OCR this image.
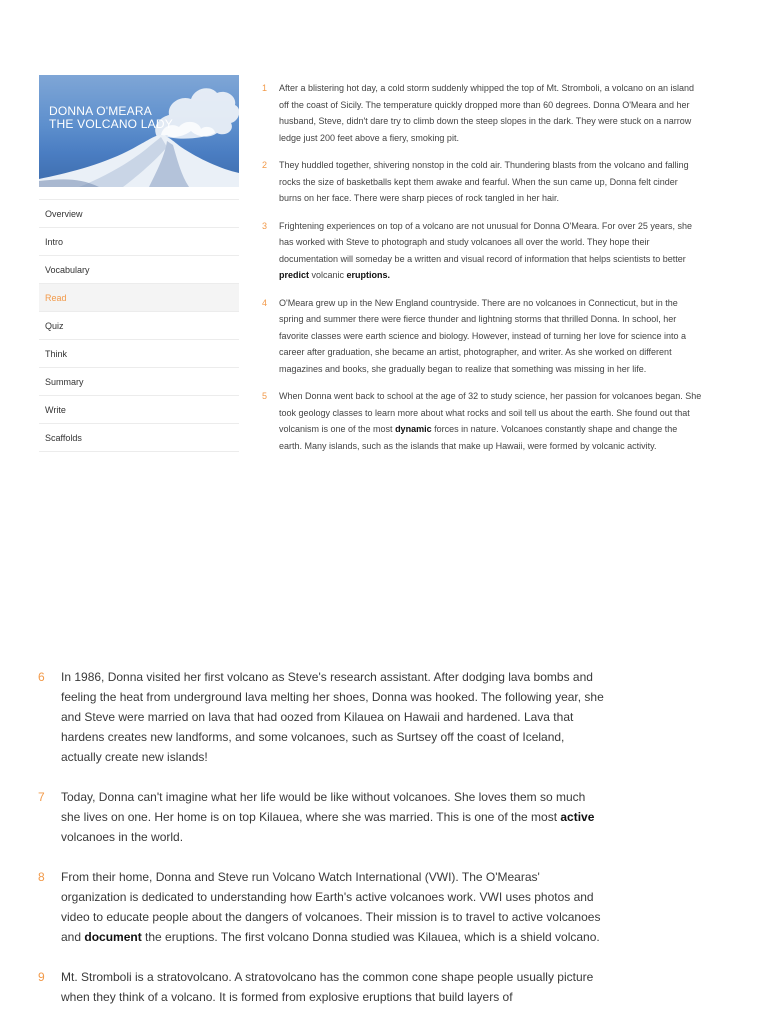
DONNA O'MEARA
THE VOLCANO LADY
Overview
Intro
Vocabulary
Read
Quiz
Think
Summary
Write
Scaffolds
1	After a blistering hot day, a cold storm suddenly whipped the top of Mt. Stromboli, a volcano on an island off the coast of Sicily. The temperature quickly dropped more than 60 degrees. Donna O'Meara and her husband, Steve, didn't dare try to climb down the steep slopes in the dark. They were stuck on a narrow ledge just 200 feet above a fiery, smoking pit.
2	They huddled together, shivering nonstop in the cold air. Thundering blasts from the volcano and falling rocks the size of basketballs kept them awake and fearful. When the sun came up, Donna felt cinder burns on her face. There were sharp pieces of rock tangled in her hair.
3	Frightening experiences on top of a volcano are not unusual for Donna O'Meara. For over 25 years, she has worked with Steve to photograph and study volcanoes all over the world. They hope their documentation will someday be a written and visual record of information that helps scientists to better predict volcanic eruptions.
4	O'Meara grew up in the New England countryside. There are no volcanoes in Connecticut, but in the spring and summer there were fierce thunder and lightning storms that thrilled Donna. In school, her favorite classes were earth science and biology. However, instead of turning her love for science into a career after graduation, she became an artist, photographer, and writer. As she worked on different magazines and books, she gradually began to realize that something was missing in her life.
5	When Donna went back to school at the age of 32 to study science, her passion for volcanoes began. She took geology classes to learn more about what rocks and soil tell us about the earth. She found out that volcanism is one of the most dynamic forces in nature. Volcanoes constantly shape and change the earth. Many islands, such as the islands that make up Hawaii, were formed by volcanic activity.
6	In 1986, Donna visited her first volcano as Steve's research assistant. After dodging lava bombs and feeling the heat from underground lava melting her shoes, Donna was hooked. The following year, she and Steve were married on lava that had oozed from Kilauea on Hawaii and hardened. Lava that hardens creates new landforms, and some volcanoes, such as Surtsey off the coast of Iceland, actually create new islands!
7	Today, Donna can't imagine what her life would be like without volcanoes. She loves them so much she lives on one. Her home is on top Kilauea, where she was married. This is one of the most active volcanoes in the world.
8	From their home, Donna and Steve run Volcano Watch International (VWI). The O'Mearas' organization is dedicated to understanding how Earth's active volcanoes work. VWI uses photos and video to educate people about the dangers of volcanoes. Their mission is to travel to active volcanoes and document the eruptions. The first volcano Donna studied was Kilauea, which is a shield volcano.
9	Mt. Stromboli is a stratovolcano. A stratovolcano has the common cone shape people usually picture when they think of a volcano. It is formed from explosive eruptions that build layers of
